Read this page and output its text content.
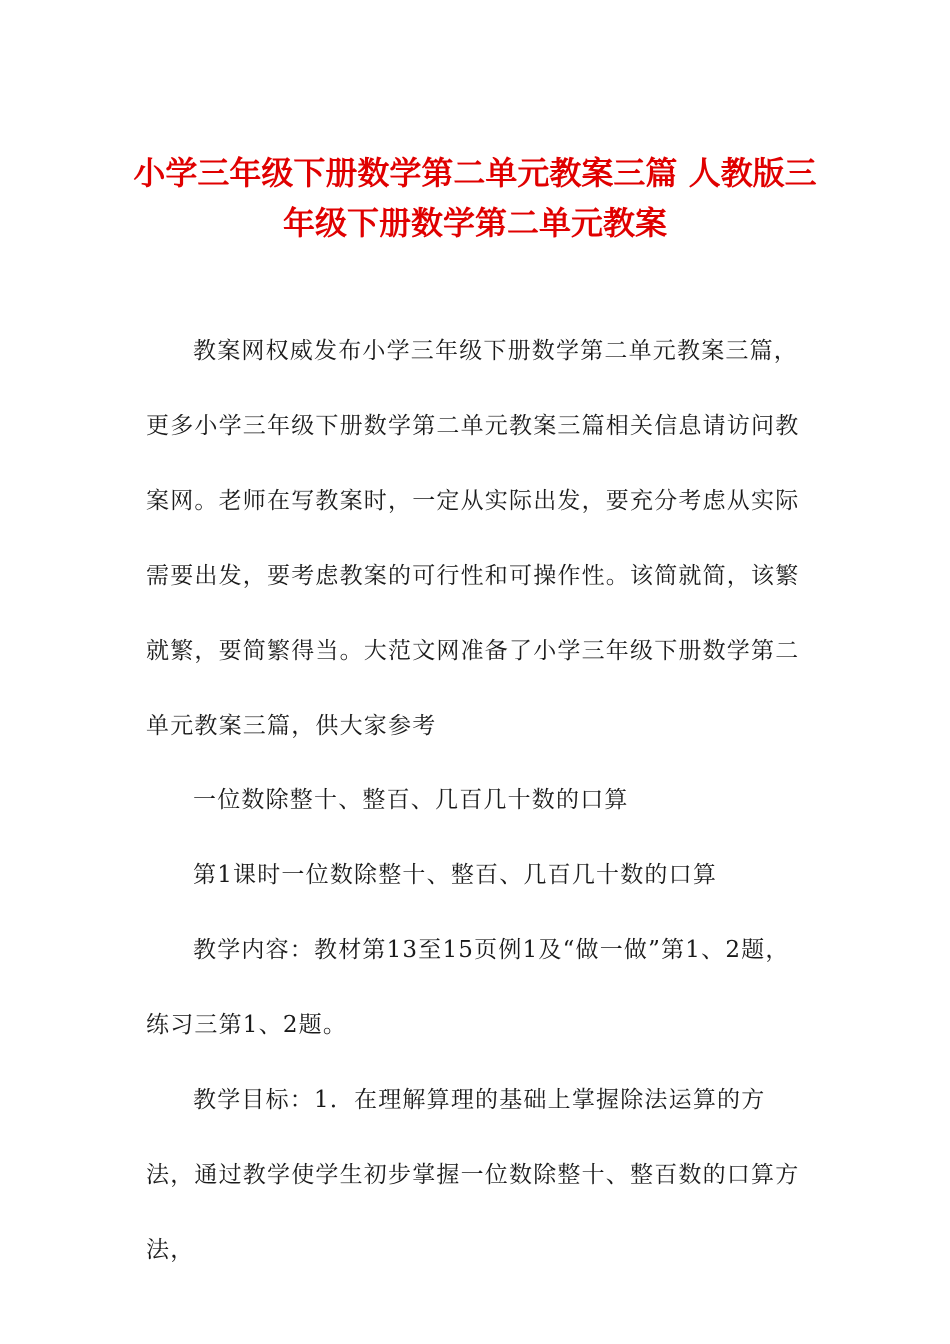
小学三年级下册数学第二单元教案三篇 人教版三年级下册数学第二单元教案
教案网权威发布小学三年级下册数学第二单元教案三篇，更多小学三年级下册数学第二单元教案三篇相关信息请访问教案网。老师在写教案时，一定从实际出发，要充分考虑从实际需要出发，要考虑教案的可行性和可操作性。该简就简，该繁就繁，要简繁得当。大范文网准备了小学三年级下册数学第二单元教案三篇，供大家参考
一位数除整十、整百、几百几十数的口算
第1课时一位数除整十、整百、几百几十数的口算
教学内容：教材第13至15页例1及“做一做”第1、2题，练习三第1、2题。
教学目标：1．在理解算理的基础上掌握除法运算的方法，通过教学使学生初步掌握一位数除整十、整百数的口算方法，
